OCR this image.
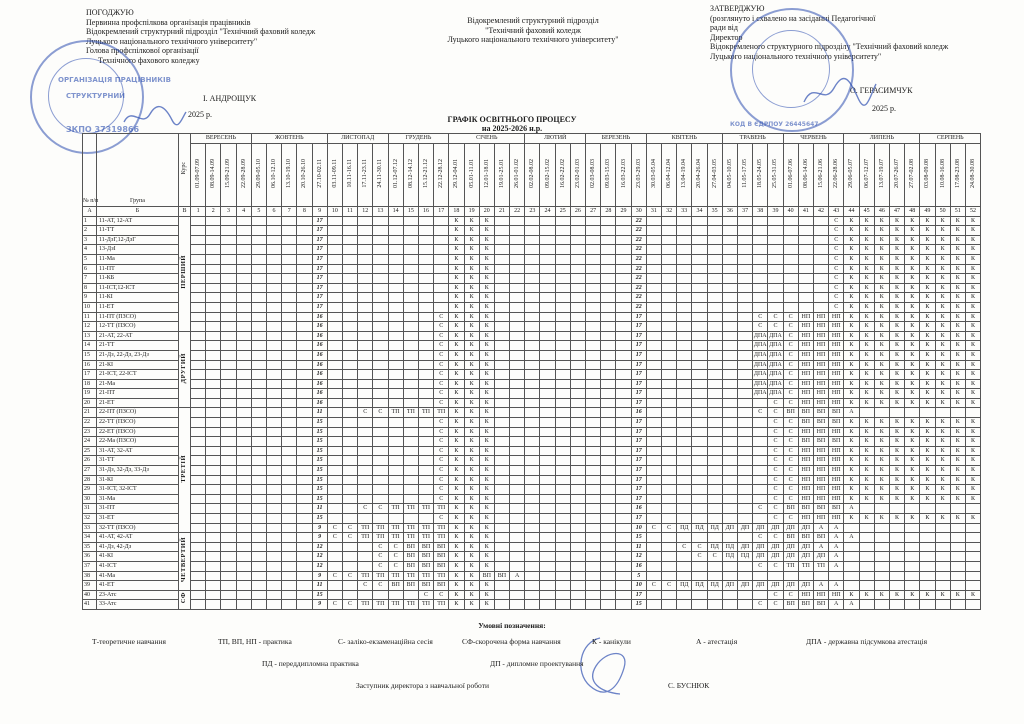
ПОГОДЖУЮ
Первинна профспілкова організація працівників
Відокремлений структурний підрозділ "Технічний фаховий коледж
Луцького національного технічного університету"
Голова профспілкової організації
Технічного фахового коледжу
І. АНДРОЩУК
2025 р.
Відокремлений структурний підрозділ
"Технічний фаховий коледж
Луцького національного технічного університету"
ЗАТВЕРДЖУЮ
(розглянуто і схвалено на засіданні Педагогічної
ради від
Директор
Відокремленого структурного підрозділу "Технічний фаховий коледж
Луцького національного технічного університету"
О. ГЕРАСИМЧУК
2025 р.
ОРГАНІЗАЦІЯ ПРАЦІВНИКІВ
СТРУКТУРНИЙ
ЗКПО 37319866
КОД В ЄДРПОУ 26445647
ГРАФІК ОСВІТНЬОГО ПРОЦЕСУ
на 2025-2026 н.р.
№ п/п	Група	Курс	ВЕРЕСЕНЬ				ЖОВТЕНЬ					ЛИСТОПАД				ГРУДЕНЬ				СІЧЕНЬ					ЛЮТИЙ				БЕРЕЗЕНЬ				КВІТЕНЬ					ТРАВЕНЬ				ЧЕРВЕНЬ				ЛИПЕНЬ					СЕРПЕНЬ			
			01.09-07.09	08.09-14.09	15.09-21.09	22.09-28.09	29.09-05.10	06.10-12.10	13.10-19.10	20.10-26.10	27.10-02.11	03.11-09.11	10.11-16.11	17.11-23.11	24.11-30.11	01.12-07.12	08.12-14.12	15.12-21.12	22.12-28.12	29.12-04.01	05.01-11.01	12.01-18.01	19.01-25.01	26.01-01.02	02.02-08.02	09.02-15.02	16.02-22.02	23.02-01.03	02.03-08.03	09.03-15.03	16.03-22.03	23.03-29.03	30.03-05.04	06.04-12.04	13.04-19.04	20.04-26.04	27.04-03.05	04.05-10.05	11.05-17.05	18.05-24.05	25.05-31.05	01.06-07.06	08.06-14.06	15.06-21.06	22.06-28.06	29.06-05.07	06.07-12.07	13.07-19.07	20.07-26.07	27.07-02.08	03.08-09.08	10.08-16.08	17.08-23.08	24.08-30.08
А	Б	В	1	2	3	4	5	6	7	8	9	10	11	12	13	14	15	16	17	18	19	20	21	22	23	24	25	26	27	28	29	30	31	32	33	34	35	36	37	38	39	40	41	42	43	44	45	46	47	48	49	50	51	52
1	11-АТ, 12-АТ	ПЕРШИЙ									17									К	К	К										22													С	К	К	К	К	К	К	К	К	К
2	11-ТТ										17									К	К	К										22													С	К	К	К	К	К	К	К	К	К
3	11-ДзГ,12-ДзГ										17									К	К	К										22													С	К	К	К	К	К	К	К	К	К
4	13-ДзІ										17									К	К	К										22													С	К	К	К	К	К	К	К	К	К
5	11-Ма										17									К	К	К										22													С	К	К	К	К	К	К	К	К	К
6	11-ПТ										17									К	К	К										22													С	К	К	К	К	К	К	К	К	К
7	11-КБ										17									К	К	К										22													С	К	К	К	К	К	К	К	К	К
8	11-ІСТ,12-ІСТ										17									К	К	К										22													С	К	К	К	К	К	К	К	К	К
9	11-КІ										17									К	К	К										22													С	К	К	К	К	К	К	К	К	К
10	11-ЕТ										17									К	К	К										22													С	К	К	К	К	К	К	К	К	К
11	11-ПТ (ПЗСО)										16								С	К	К	К										17								С	С	С	НП	НП	НП	К	К	К	К	К	К	К	К	К
12	12-ТТ (ПЗСО)										16								С	К	К	К										17								С	С	С	НП	НП	НП	К	К	К	К	К	К	К	К	К
13	21-АТ, 22-АТ	ДРУГИЙ									16								С	К	К	К										17								ДПА	ДПА	С	НП	НП	НП	К	К	К	К	К	К	К	К	К
14	21-ТТ										16								С	К	К	К										17								ДПА	ДПА	С	НП	НП	НП	К	К	К	К	К	К	К	К	К
15	21-Дз, 22-Дз, 23-Дз										16								С	К	К	К										17								ДПА	ДПА	С	НП	НП	НП	К	К	К	К	К	К	К	К	К
16	21-КІ										16								С	К	К	К										17								ДПА	ДПА	С	НП	НП	НП	К	К	К	К	К	К	К	К	К
17	21-ІСТ, 22-ІСТ										16								С	К	К	К										17								ДПА	ДПА	С	НП	НП	НП	К	К	К	К	К	К	К	К	К
18	21-Ма										16								С	К	К	К										17								ДПА	ДПА	С	НП	НП	НП	К	К	К	К	К	К	К	К	К
19	21-ПТ										16								С	К	К	К										17								ДПА	ДПА	С	НП	НП	НП	К	К	К	К	К	К	К	К	К
20	21-ЕТ										16								С	К	К	К										17									С	С	НП	НП	НП	К	К	К	К	К	К	К	К	К
21	22-ПТ (ПЗСО)	ТРЕТІЙ									11			С	С	ТП	ТП	ТП	ТП	К	К	К										16								С	С	ВП	ВП	ВП	ВП	А								
22	22-ТТ (ПЗСО)										15								С	К	К	К										17									С	С	ВП	ВП	ВП	К	К	К	К	К	К	К	К	К
23	22-ЕТ (ПЗСО)										15								С	К	К	К										17									С	С	НП	НП	НП	К	К	К	К	К	К	К	К	К
24	22-Ма (ПЗСО)										15								С	К	К	К										17									С	С	ВП	ВП	ВП	К	К	К	К	К	К	К	К	К
25	31-АТ, 32-АТ										15								С	К	К	К										17									С	С	НП	НП	НП	К	К	К	К	К	К	К	К	К
26	31-ТТ										15								С	К	К	К										17									С	С	НП	НП	НП	К	К	К	К	К	К	К	К	К
27	31-Дз, 32-Дз, 33-Дз										15								С	К	К	К										17									С	С	НП	НП	НП	К	К	К	К	К	К	К	К	К
28	31-КІ										15								С	К	К	К										17									С	С	НП	НП	НП	К	К	К	К	К	К	К	К	К
29	31-ІСТ, 32-ІСТ										15								С	К	К	К										17									С	С	НП	НП	НП	К	К	К	К	К	К	К	К	К
30	31-Ма										15								С	К	К	К										17									С	С	НП	НП	НП	К	К	К	К	К	К	К	К	К
31	31-ПТ										11			С	С	ТП	ТП	ТП	ТП	К	К	К										16								С	С	ВП	ВП	ВП	ВП	А								
32	31-ЕТ										15								С	К	К	К										17									С	С	НП	НП	НП	К	К	К	К	К	К	К	К	К
33	32-ТТ (ПЗСО)										9	С	С	ТП	ТП	ТП	ТП	ТП	ТП	К	К	К										10	С	С	ПД	ПД	ПД	ДП	ДП	ДП	ДП	ДП	ДП	А	А									
34	41-АТ, 42-АТ	ЧЕТВЕРТИЙ									9	С	С	ТП	ТП	ТП	ТП	ТП	ТП	К	К	К										15								С	С	ВП	ВП	ВП	А	А								
35	41-Дз, 42-Дз										12				С	С	ВП	ВП	ВП	К	К	К										11			С	С	ПД	ПД	ДП	ДП	ДП	ДП	ДП	А	А									
36	41-КІ										12				С	С	ВП	ВП	ВП	К	К	К										12				С	С	ПД	ПД	ДП	ДП	ДП	ДП	ДП	А									
37	41-ІСТ										12				С	С	ВП	ВП	ВП	К	К	К										16								С	С	ТП	ТП	ТП	А									
38	41-Ма										9	С	С	ТП	ТП	ТП	ТП	ТП	ТП	К	К	ВП	ВП	А								5																						
39	41-ЕТ										11			С	С	ВП	ВП	ВП	ВП	К	К	К										10	С	С	ПД	ПД	ПД	ДП	ДП	ДП	ДП	ДП	ДП	А	А									
40	23-Атс	СФ									15							С	С	К	К	К										17									С	С	НП	НП	НП	К	К	К	К	К	К	К	К	К
41	33-Атс										9	С	С	ТП	ТП	ТП	ТП	ТП	ТП	К	К	К										15								С	С	ВП	ВП	ВП	А	А								
Умовні позначення:
Т-теоретичне навчання	ТП, ВП, НП - практика	С- залiко-екзаменаційна сесія	СФ-скорочена форма навчання	К - канікули	А - атестація	ДПА - державна підсумкова атестація
ПД - переддипломна практика	ДП - дипломне проектування
Заступник директора з навчальної роботи	С. БУСНЮК
